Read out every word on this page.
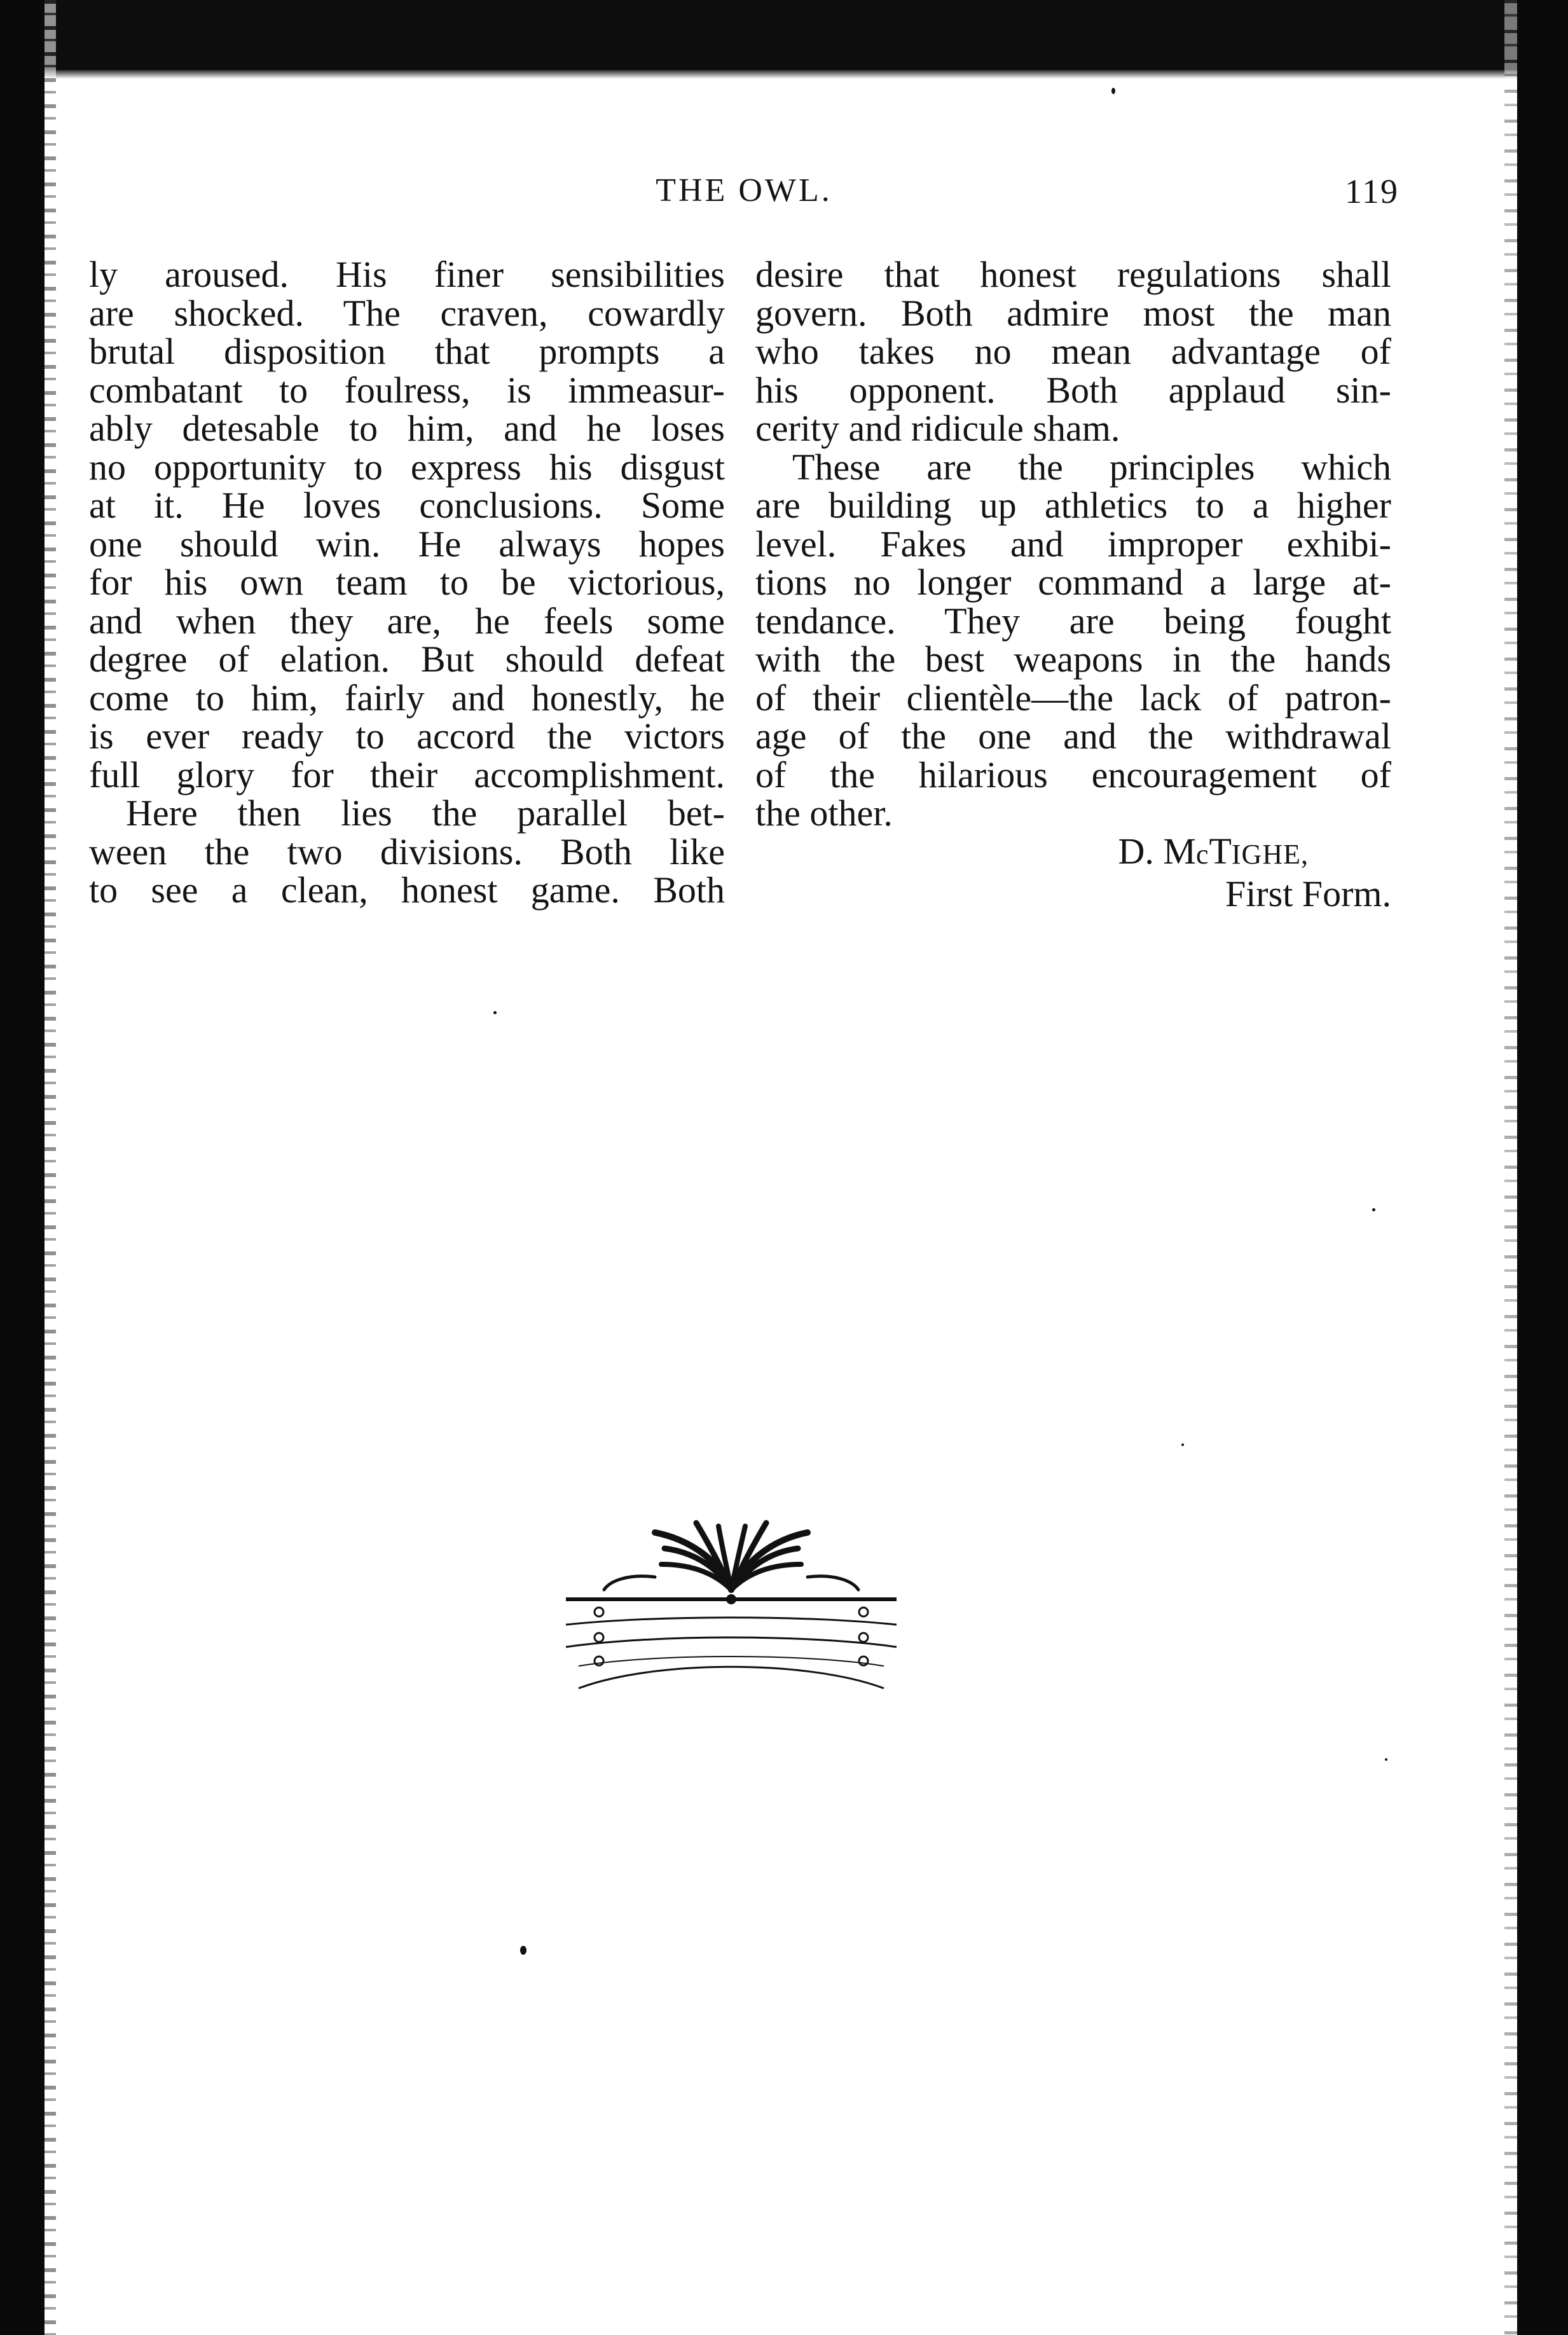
THE OWL.	119
ly aroused. His finer sensibilities
are shocked. The craven, cowardly
brutal disposition that prompts a
combatant to foulress, is immeasur-
ably detesable to him, and he loses
no opportunity to express his disgust
at it. He loves conclusions. Some
one should win. He always hopes
for his own team to be victorious,
and when they are, he feels some
degree of elation. But should defeat
come to him, fairly and honestly, he
is ever ready to accord the victors
full glory for their accomplishment.
Here then lies the parallel bet-
ween the two divisions. Both like
to see a clean, honest game. Both
desire that honest regulations shall
govern. Both admire most the man
who takes no mean advantage of
his opponent. Both applaud sin-
cerity and ridicule sham.
These are the principles which
are building up athletics to a higher
level. Fakes and improper exhibi-
tions no longer command a large at-
tendance. They are being fought
with the best weapons in the hands
of their clientèle—the lack of patron-
age of the one and the withdrawal
of the hilarious encouragement of
the other.
D. McTIGHE,
First Form.
